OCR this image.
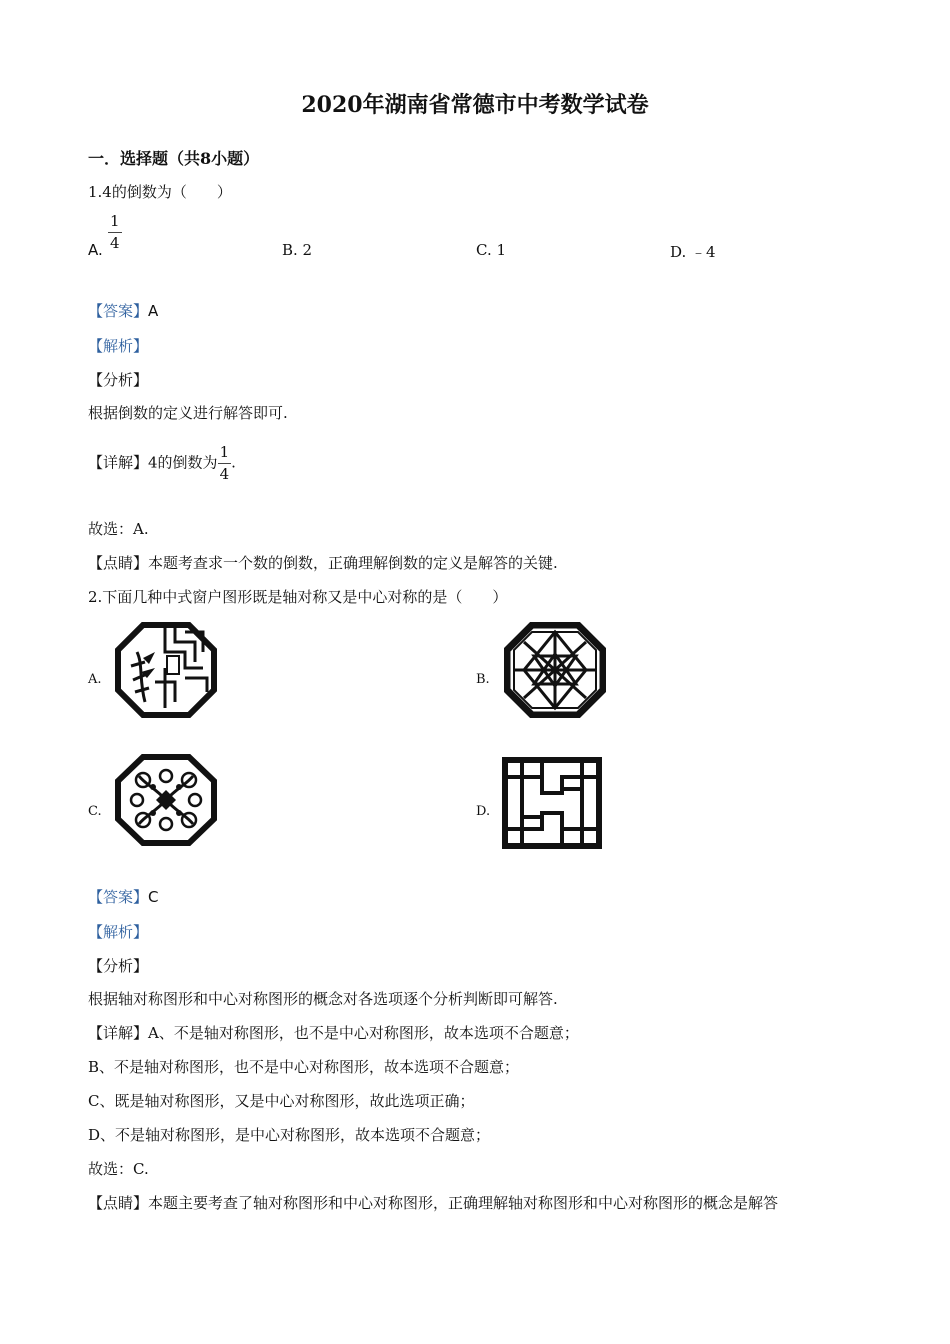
2020年湖南省常德市中考数学试卷
一．选择题（共8小题）
1.4的倒数为（　　）
A. $\frac{1}{4}$	B. 2	C. 1	D. ﹣4
【答案】A
【解析】
【分析】
根据倒数的定义进行解答即可.
【详解】4的倒数为 $\frac{1}{4}$ .
故选：A.
【点睛】本题考查求一个数的倒数，正确理解倒数的定义是解答的关键.
2.下面几种中式窗户图形既是轴对称又是中心对称的是（　　）
A.	B.
C.	D.
【答案】C
【解析】
【分析】
根据轴对称图形和中心对称图形的概念对各选项逐个分析判断即可解答.
【详解】A、不是轴对称图形，也不是中心对称图形，故本选项不合题意；
B、不是轴对称图形，也不是中心对称图形，故本选项不合题意；
C、既是轴对称图形，又是中心对称图形，故此选项正确；
D、不是轴对称图形，是中心对称图形，故本选项不合题意；
故选：C.
【点睛】本题主要考查了轴对称图形和中心对称图形，正确理解轴对称图形和中心对称图形的概念是解答
